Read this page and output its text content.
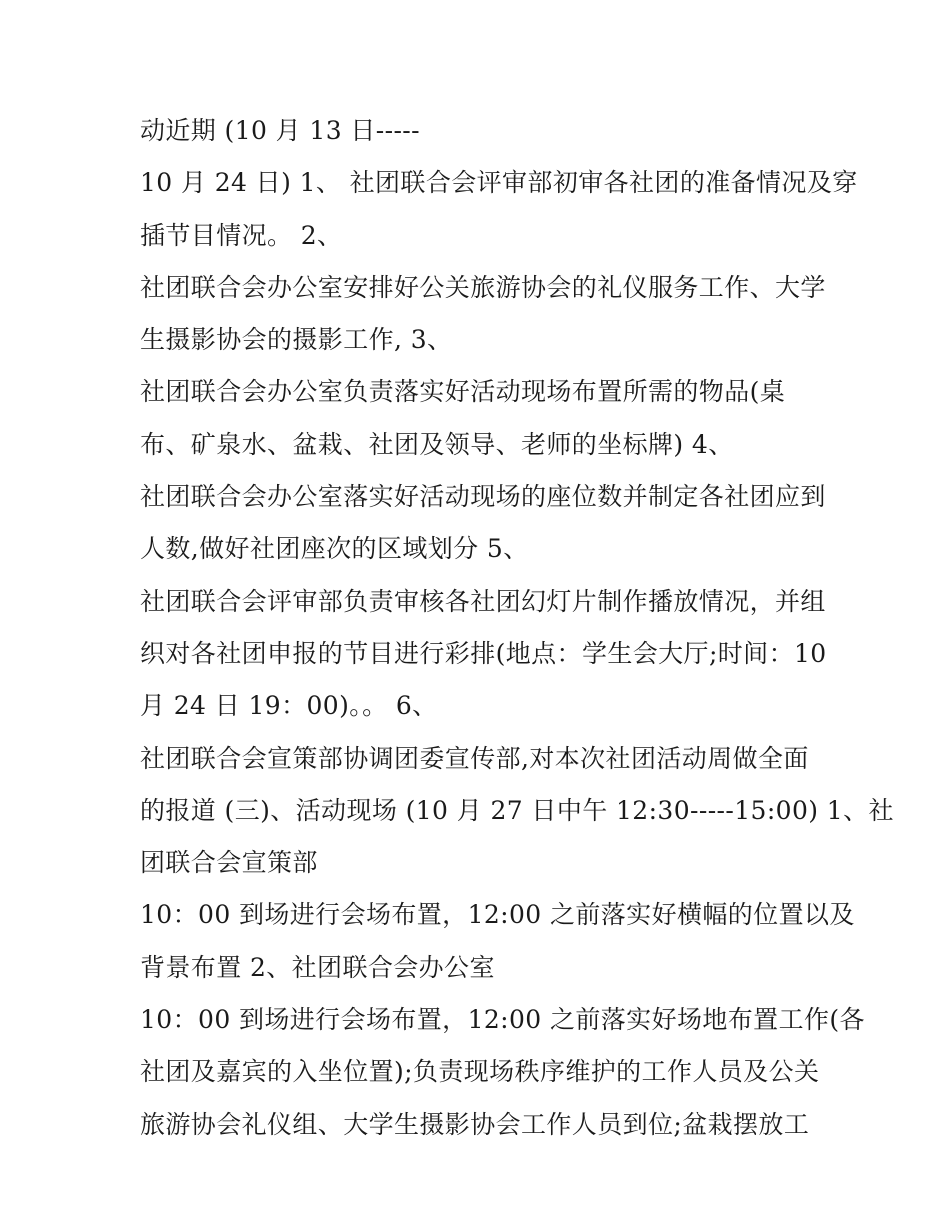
动近期 (10 月 13 日-----
10 月 24 日) 1、 社团联合会评审部初审各社团的准备情况及穿
插节目情况。 2、
社团联合会办公室安排好公关旅游协会的礼仪服务工作、大学
生摄影协会的摄影工作, 3、
社团联合会办公室负责落实好活动现场布置所需的物品(桌
布、矿泉水、盆栽、社团及领导、老师的坐标牌) 4、
社团联合会办公室落实好活动现场的座位数并制定各社团应到
人数,做好社团座次的区域划分 5、
社团联合会评审部负责审核各社团幻灯片制作播放情况，并组
织对各社团申报的节目进行彩排(地点：学生会大厅;时间：10
月 24 日 19：00)。。 6、
社团联合会宣策部协调团委宣传部,对本次社团活动周做全面
的报道 (三)、活动现场 (10 月 27 日中午 12:30-----15:00) 1、社
团联合会宣策部
10：00 到场进行会场布置，12:00 之前落实好横幅的位置以及
背景布置 2、社团联合会办公室
10：00 到场进行会场布置，12:00 之前落实好场地布置工作(各
社团及嘉宾的入坐位置);负责现场秩序维护的工作人员及公关
旅游协会礼仪组、大学生摄影协会工作人员到位;盆栽摆放工
